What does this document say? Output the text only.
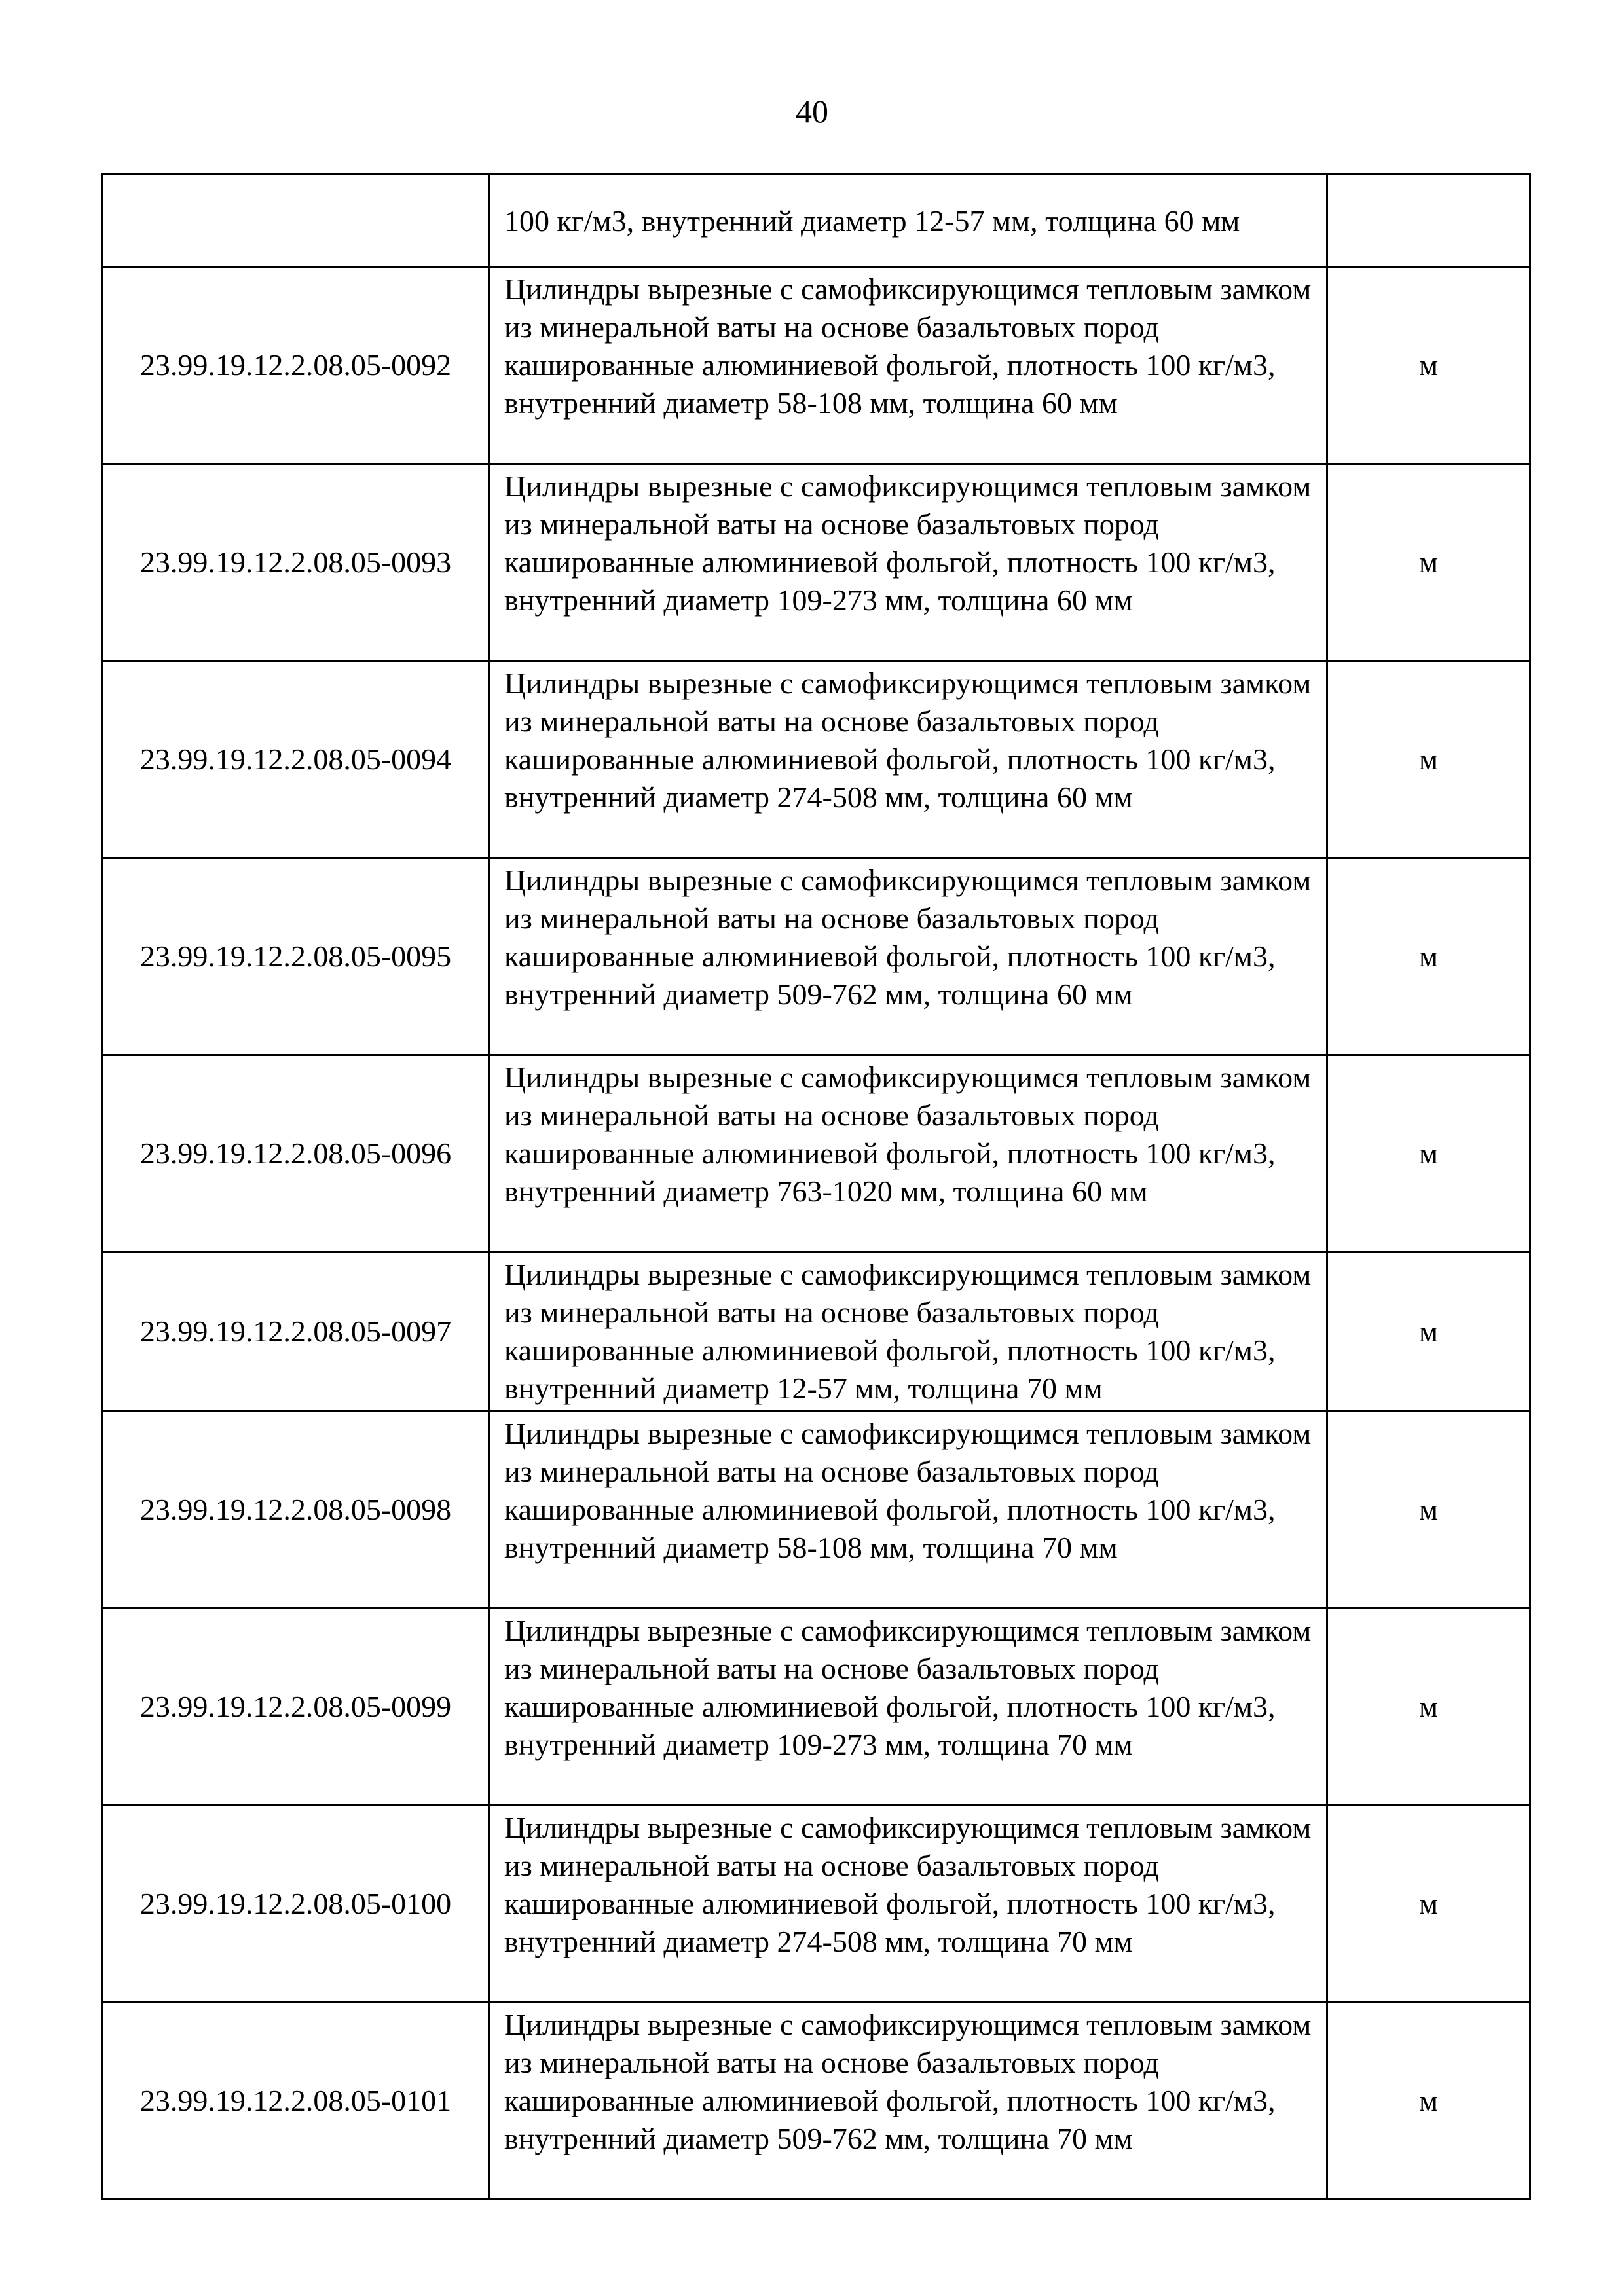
40
	100 кг/м3, внутренний диаметр 12-57 мм, толщина 60 мм	
23.99.19.12.2.08.05-0092	Цилиндры вырезные с самофиксирующимся тепловым замком из минеральной ваты на основе базальтовых пород кашированные алюминиевой фольгой, плотность 100 кг/м3, внутренний диаметр 58-108 мм, толщина 60 мм	м
23.99.19.12.2.08.05-0093	Цилиндры вырезные с самофиксирующимся тепловым замком из минеральной ваты на основе базальтовых пород кашированные алюминиевой фольгой, плотность 100 кг/м3, внутренний диаметр 109-273 мм, толщина 60 мм	м
23.99.19.12.2.08.05-0094	Цилиндры вырезные с самофиксирующимся тепловым замком из минеральной ваты на основе базальтовых пород кашированные алюминиевой фольгой, плотность 100 кг/м3, внутренний диаметр 274-508 мм, толщина 60 мм	м
23.99.19.12.2.08.05-0095	Цилиндры вырезные с самофиксирующимся тепловым замком из минеральной ваты на основе базальтовых пород кашированные алюминиевой фольгой, плотность 100 кг/м3, внутренний диаметр 509-762 мм, толщина 60 мм	м
23.99.19.12.2.08.05-0096	Цилиндры вырезные с самофиксирующимся тепловым замком из минеральной ваты на основе базальтовых пород кашированные алюминиевой фольгой, плотность 100 кг/м3, внутренний диаметр 763-1020 мм, толщина 60 мм	м
23.99.19.12.2.08.05-0097	Цилиндры вырезные с самофиксирующимся тепловым замком из минеральной ваты на основе базальтовых пород кашированные алюминиевой фольгой, плотность 100 кг/м3, внутренний диаметр 12-57 мм, толщина 70 мм	м
23.99.19.12.2.08.05-0098	Цилиндры вырезные с самофиксирующимся тепловым замком из минеральной ваты на основе базальтовых пород кашированные алюминиевой фольгой, плотность 100 кг/м3, внутренний диаметр 58-108 мм, толщина 70 мм	м
23.99.19.12.2.08.05-0099	Цилиндры вырезные с самофиксирующимся тепловым замком из минеральной ваты на основе базальтовых пород кашированные алюминиевой фольгой, плотность 100 кг/м3, внутренний диаметр 109-273 мм, толщина 70 мм	м
23.99.19.12.2.08.05-0100	Цилиндры вырезные с самофиксирующимся тепловым замком из минеральной ваты на основе базальтовых пород кашированные алюминиевой фольгой, плотность 100 кг/м3, внутренний диаметр 274-508 мм, толщина 70 мм	м
23.99.19.12.2.08.05-0101	Цилиндры вырезные с самофиксирующимся тепловым замком из минеральной ваты на основе базальтовых пород кашированные алюминиевой фольгой, плотность 100 кг/м3, внутренний диаметр 509-762 мм, толщина 70 мм	м
